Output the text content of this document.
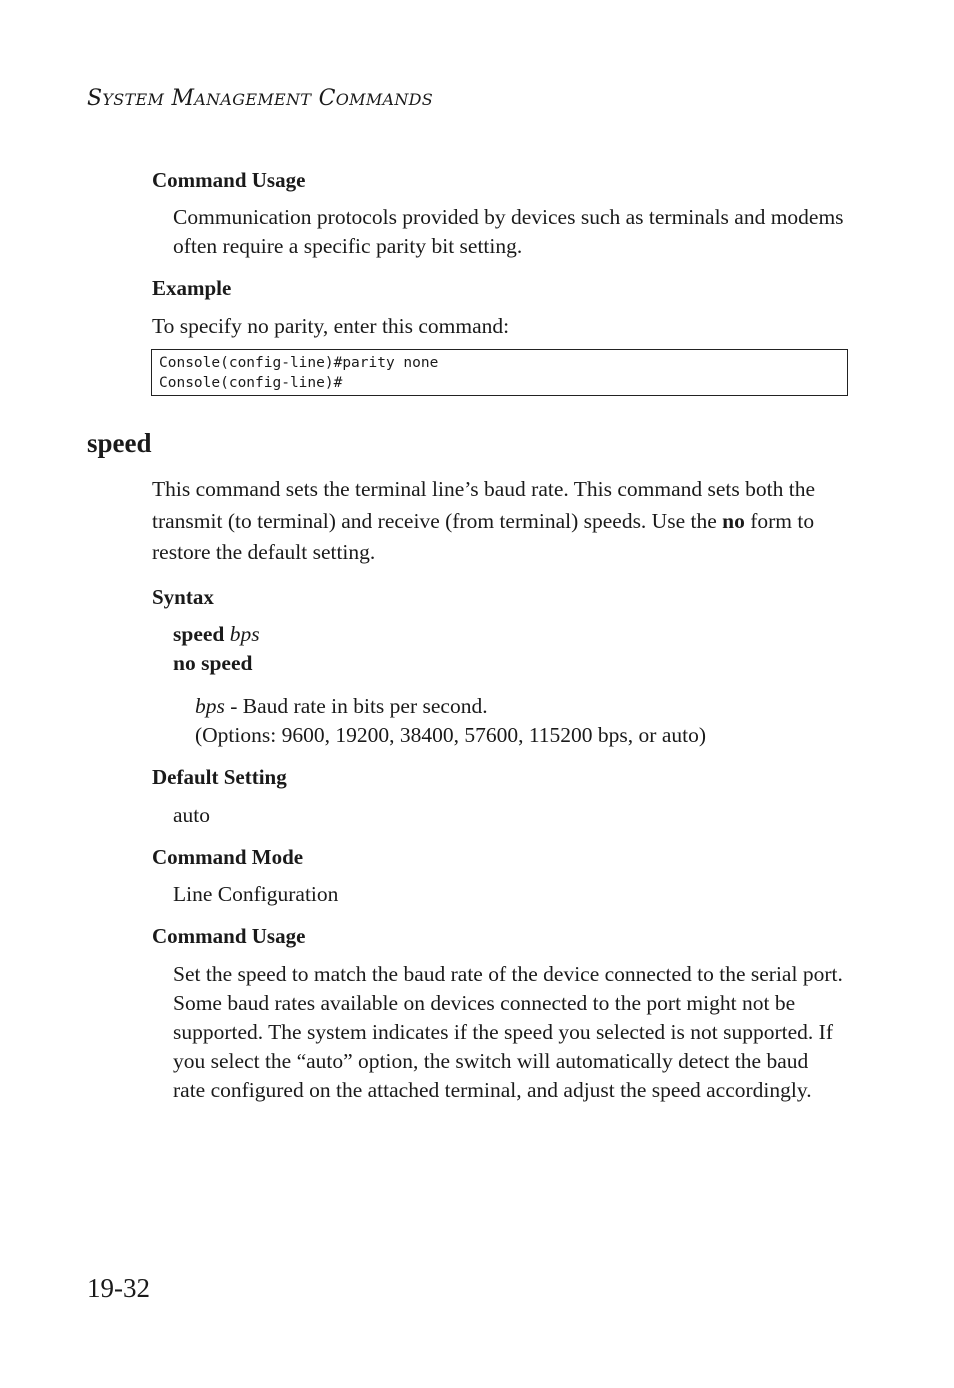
SYSTEM MANAGEMENT COMMANDS
Command Usage
Communication protocols provided by devices such as terminals and modems often require a specific parity bit setting.
Example
To specify no parity, enter this command:
Console(config-line)#parity none
Console(config-line)#
speed
This command sets the terminal line’s baud rate. This command sets both the transmit (to terminal) and receive (from terminal) speeds. Use the no form to restore the default setting.
Syntax
speed bps
no speed
bps - Baud rate in bits per second.
(Options: 9600, 19200, 38400, 57600, 115200 bps, or auto)
Default Setting
auto
Command Mode
Line Configuration
Command Usage
Set the speed to match the baud rate of the device connected to the serial port. Some baud rates available on devices connected to the port might not be supported. The system indicates if the speed you selected is not supported. If you select the “auto” option, the switch will automatically detect the baud rate configured on the attached terminal, and adjust the speed accordingly.
19-32
